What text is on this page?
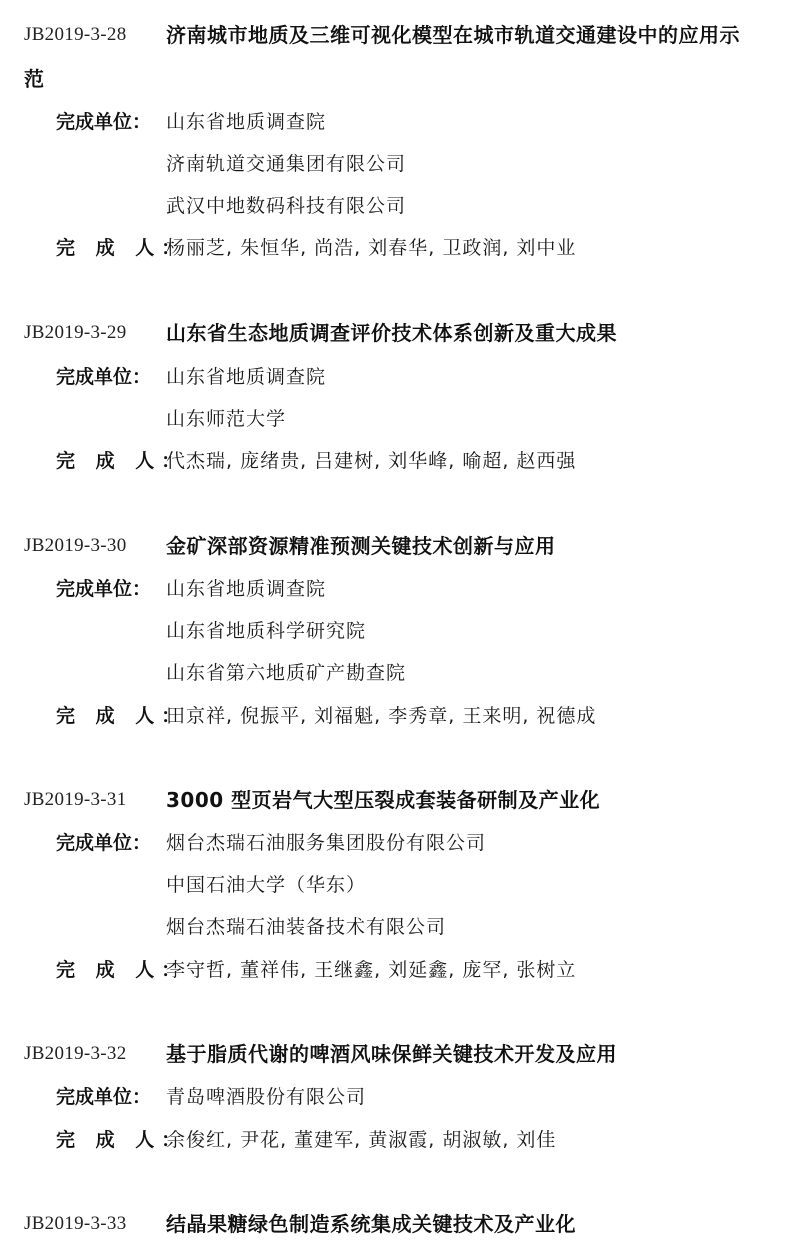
JB2019-3-28 济南城市地质及三维可视化模型在城市轨道交通建设中的应用示
范
完成单位： 山东省地质调查院
济南轨道交通集团有限公司
武汉中地数码科技有限公司
完 成 人：
杨丽芝, 朱恒华, 尚浩, 刘春华, 卫政润, 刘中业
JB2019-3-29 山东省生态地质调查评价技术体系创新及重大成果
完成单位： 山东省地质调查院
山东师范大学
完 成 人：
代杰瑞, 庞绪贵, 吕建树, 刘华峰, 喻超, 赵西强
JB2019-3-30 金矿深部资源精准预测关键技术创新与应用
完成单位： 山东省地质调查院
山东省地质科学研究院
山东省第六地质矿产勘查院
完 成 人：
田京祥, 倪振平, 刘福魁, 李秀章, 王来明, 祝德成
JB2019-3-31 3000 型页岩气大型压裂成套装备研制及产业化
完成单位： 烟台杰瑞石油服务集团股份有限公司
中国石油大学（华东）
烟台杰瑞石油装备技术有限公司
完 成 人：
李守哲, 董祥伟, 王继鑫, 刘延鑫, 庞罕, 张树立
JB2019-3-32 基于脂质代谢的啤酒风味保鲜关键技术开发及应用
完成单位： 青岛啤酒股份有限公司
完 成 人：
余俊红, 尹花, 董建军, 黄淑霞, 胡淑敏, 刘佳
JB2019-3-33 结晶果糖绿色制造系统集成关键技术及产业化
